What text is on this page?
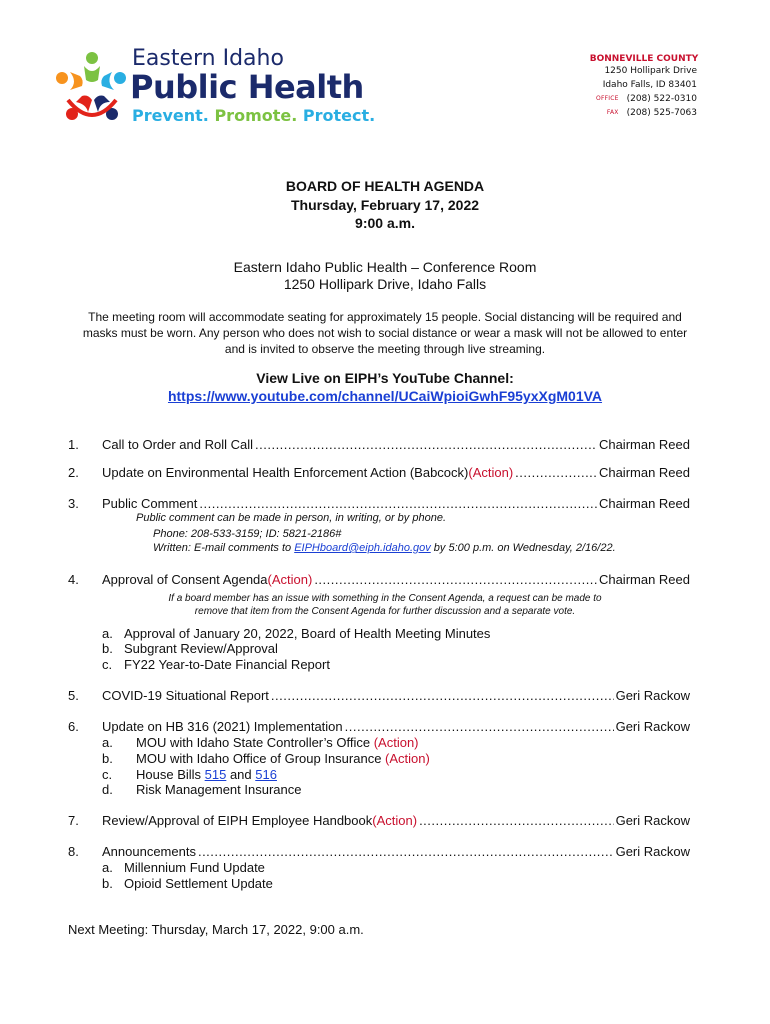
Eastern Idaho
Public Health
Prevent. Promote. Protect.
BONNEVILLE COUNTY
1250 Hollipark Drive
Idaho Falls, ID 83401
OFFICE (208) 522-0310
FAX (208) 525-7063
BOARD OF HEALTH AGENDA
Thursday, February 17, 2022
9:00 a.m.
Eastern Idaho Public Health – Conference Room
1250 Hollipark Drive, Idaho Falls
The meeting room will accommodate seating for approximately 15 people. Social distancing will be required and masks must be worn. Any person who does not wish to social distance or wear a mask will not be allowed to enter and is invited to observe the meeting through live streaming.
View Live on EIPH’s YouTube Channel:
https://www.youtube.com/channel/UCaiWpioiGwhF95yxXgM01VA
1.	Call to Order and Roll Call .....	Chairman Reed
2.	Update on Environmental Health Enforcement Action (Babcock) (Action) .....	Chairman Reed
3.	Public Comment .....	Chairman Reed
Public comment can be made in person, in writing, or by phone.
Phone: 208-533-3159; ID: 5821-2186#
Written: E-mail comments to EIPHboard@eiph.idaho.gov by 5:00 p.m. on Wednesday, 2/16/22.
4.	Approval of Consent Agenda (Action) .....	Chairman Reed
If a board member has an issue with something in the Consent Agenda, a request can be made to
remove that item from the Consent Agenda for further discussion and a separate vote.
a. Approval of January 20, 2022, Board of Health Meeting Minutes
b. Subgrant Review/Approval
c. FY22 Year-to-Date Financial Report
5.	COVID-19 Situational Report .....	Geri Rackow
6.	Update on HB 316 (2021) Implementation .....	Geri Rackow
a. MOU with Idaho State Controller’s Office (Action)
b. MOU with Idaho Office of Group Insurance (Action)
c. House Bills 515 and 516
d. Risk Management Insurance
7.	Review/Approval of EIPH Employee Handbook (Action) .....	Geri Rackow
8.	Announcements .....	Geri Rackow
a. Millennium Fund Update
b. Opioid Settlement Update
Next Meeting: Thursday, March 17, 2022, 9:00 a.m.
